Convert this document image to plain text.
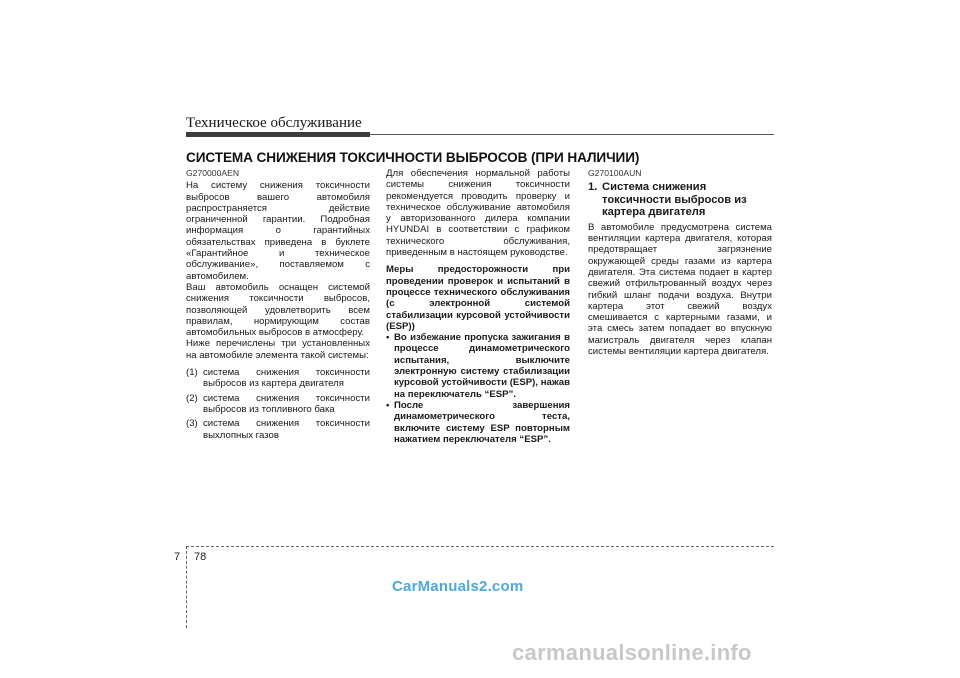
Техническое обслуживание
СИСТЕМА СНИЖЕНИЯ ТОКСИЧНОСТИ ВЫБРОСОВ (ПРИ НАЛИЧИИ)
G270000AEN
На систему снижения токсичности выбросов вашего автомобиля распространяется действие ограниченной гарантии. Подробная информация о гарантийных обязательствах приведена в буклете «Гарантийное и техническое обслуживание», поставляемом с автомобилем.
Ваш автомобиль оснащен системой снижения токсичности выбросов, позволяющей удовлетворить всем правилам, нормирующим состав автомобильных выбросов в атмосферу.
Ниже перечислены три установленных на автомобиле элемента такой системы:
(1) система снижения токсичности выбросов из картера двигателя
(2) система снижения токсичности выбросов из топливного бака
(3) система снижения токсичности выхлопных газов
Для обеспечения нормальной работы системы снижения токсичности рекомендуется проводить проверку и техническое обслуживание автомобиля у авторизованного дилера компании HYUNDAI в соответствии с графиком технического обслуживания, приведенным в настоящем руководстве.
Меры предосторожности при проведении проверок и испытаний в процессе технического обслуживания (с электронной системой стабилизации курсовой устойчивости (ESP))
• Во избежание пропуска зажигания в процессе динамометрического испытания, выключите электронную систему стабилизации курсовой устойчивости (ESP), нажав на переключатель “ESP”.
• После завершения динамометрического теста, включите систему ESP повторным нажатием переключателя “ESP”.
G270100AUN
1. Система снижения токсичности выбросов из картера двигателя
В автомобиле предусмотрена система вентиляции картера двигателя, которая предотвращает загрязнение окружающей среды газами из картера двигателя. Эта система подает в картер свежий отфильтрованный воздух через гибкий шланг подачи воздуха. Внутри картера этот свежий воздух смешивается с картерными газами, и эта смесь затем попадает во впускную магистраль двигателя через клапан системы вентиляции картера двигателя.
7 78
CarManuals2.com
carmanualsonline.info
